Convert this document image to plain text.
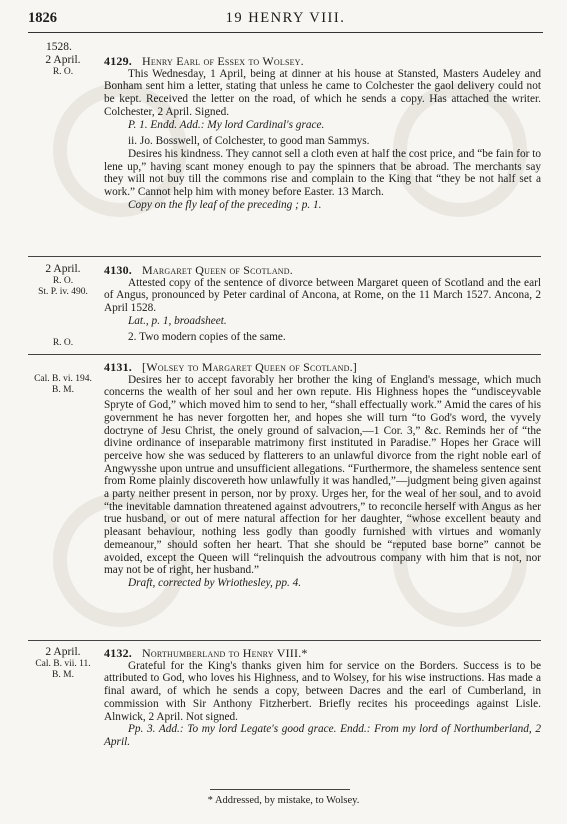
1826	19 HENRY VIII.
1528.
2 April.
R. O.
4129. Henry Earl of Essex to Wolsey.

This Wednesday, 1 April, being at dinner at his house at Stansted, Masters Audeley and Bonham sent him a letter, stating that unless he came to Colchester the gaol delivery could not be kept. Received the letter on the road, of which he sends a copy. Has attached the writer. Colchester, 2 April. Signed.

P. 1. Endd. Add.: My lord Cardinal's grace.

ii. Jo. Bosswell, of Colchester, to good man Sammys.

Desires his kindness. They cannot sell a cloth even at half the cost price, and “be fain for to lene up,” having scant money enough to pay the spinners that be abroad. The merchants say they will not buy till the commons rise and complain to the King that “they be not half set a work.” Cannot help him with money before Easter. 13 March.

Copy on the fly leaf of the preceding ; p. 1.

2 April.
R. O.
St. P. iv. 490.
4130. Margaret Queen of Scotland.

Attested copy of the sentence of divorce between Margaret queen of Scotland and the earl of Angus, pronounced by Peter cardinal of Ancona, at Rome, on the 11 March 1527. Ancona, 2 April 1528.

Lat., p. 1, broadsheet.

2. Two modern copies of the same.

R. O.
Cal. B. vi. 194.
B. M.
4131. [Wolsey to Margaret Queen of Scotland.]

Desires her to accept favorably her brother the king of England's message, which much concerns the wealth of her soul and her own repute. His Highness hopes the “undisceyvable Spryte of God,” which moved him to send to her, “shall effectually work.” Amid the cares of his government he has never forgotten her, and hopes she will turn “to God's word, the vyvely doctryne of Jesu Christ, the onely ground of salvacion,—1 Cor. 3,” &c. Reminds her of “the divine ordinance of inseparable matrimony first instituted in Paradise.” Hopes her Grace will perceive how she was seduced by flatterers to an unlawful divorce from the right noble earl of Angwysshe upon untrue and unsufficient allegations. “Furthermore, the shameless sentence sent from Rome plainly discovereth how unlawfully it was handled,”—judgment being given against a party neither present in person, nor by proxy. Urges her, for the weal of her soul, and to avoid “the inevitable damnation threatened against advoutrers,” to reconcile herself with Angus as her true husband, or out of mere natural affection for her daughter, “whose excellent beauty and pleasant behaviour, nothing less godly than goodly furnished with virtues and womanly demeanour,” should soften her heart. That she should be “reputed base borne” cannot be avoided, except the Queen will “relinquish the advoutrous company with him that is not, nor may not be of right, her husband.”

Draft, corrected by Wriothesley, pp. 4.

2 April.
Cal. B. vii. 11.
B. M.
4132. Northumberland to Henry VIII.*

Grateful for the King's thanks given him for service on the Borders. Success is to be attributed to God, who loves his Highness, and to Wolsey, for his wise instructions. Has made a final award, of which he sends a copy, between Dacres and the earl of Cumberland, in commission with Sir Anthony Fitzherbert. Briefly recites his proceedings against Lisle. Alnwick, 2 April. Not signed.

Pp. 3. Add.: To my lord Legate's good grace. Endd.: From my lord of Northumberland, 2 April.

* Addressed, by mistake, to Wolsey.
